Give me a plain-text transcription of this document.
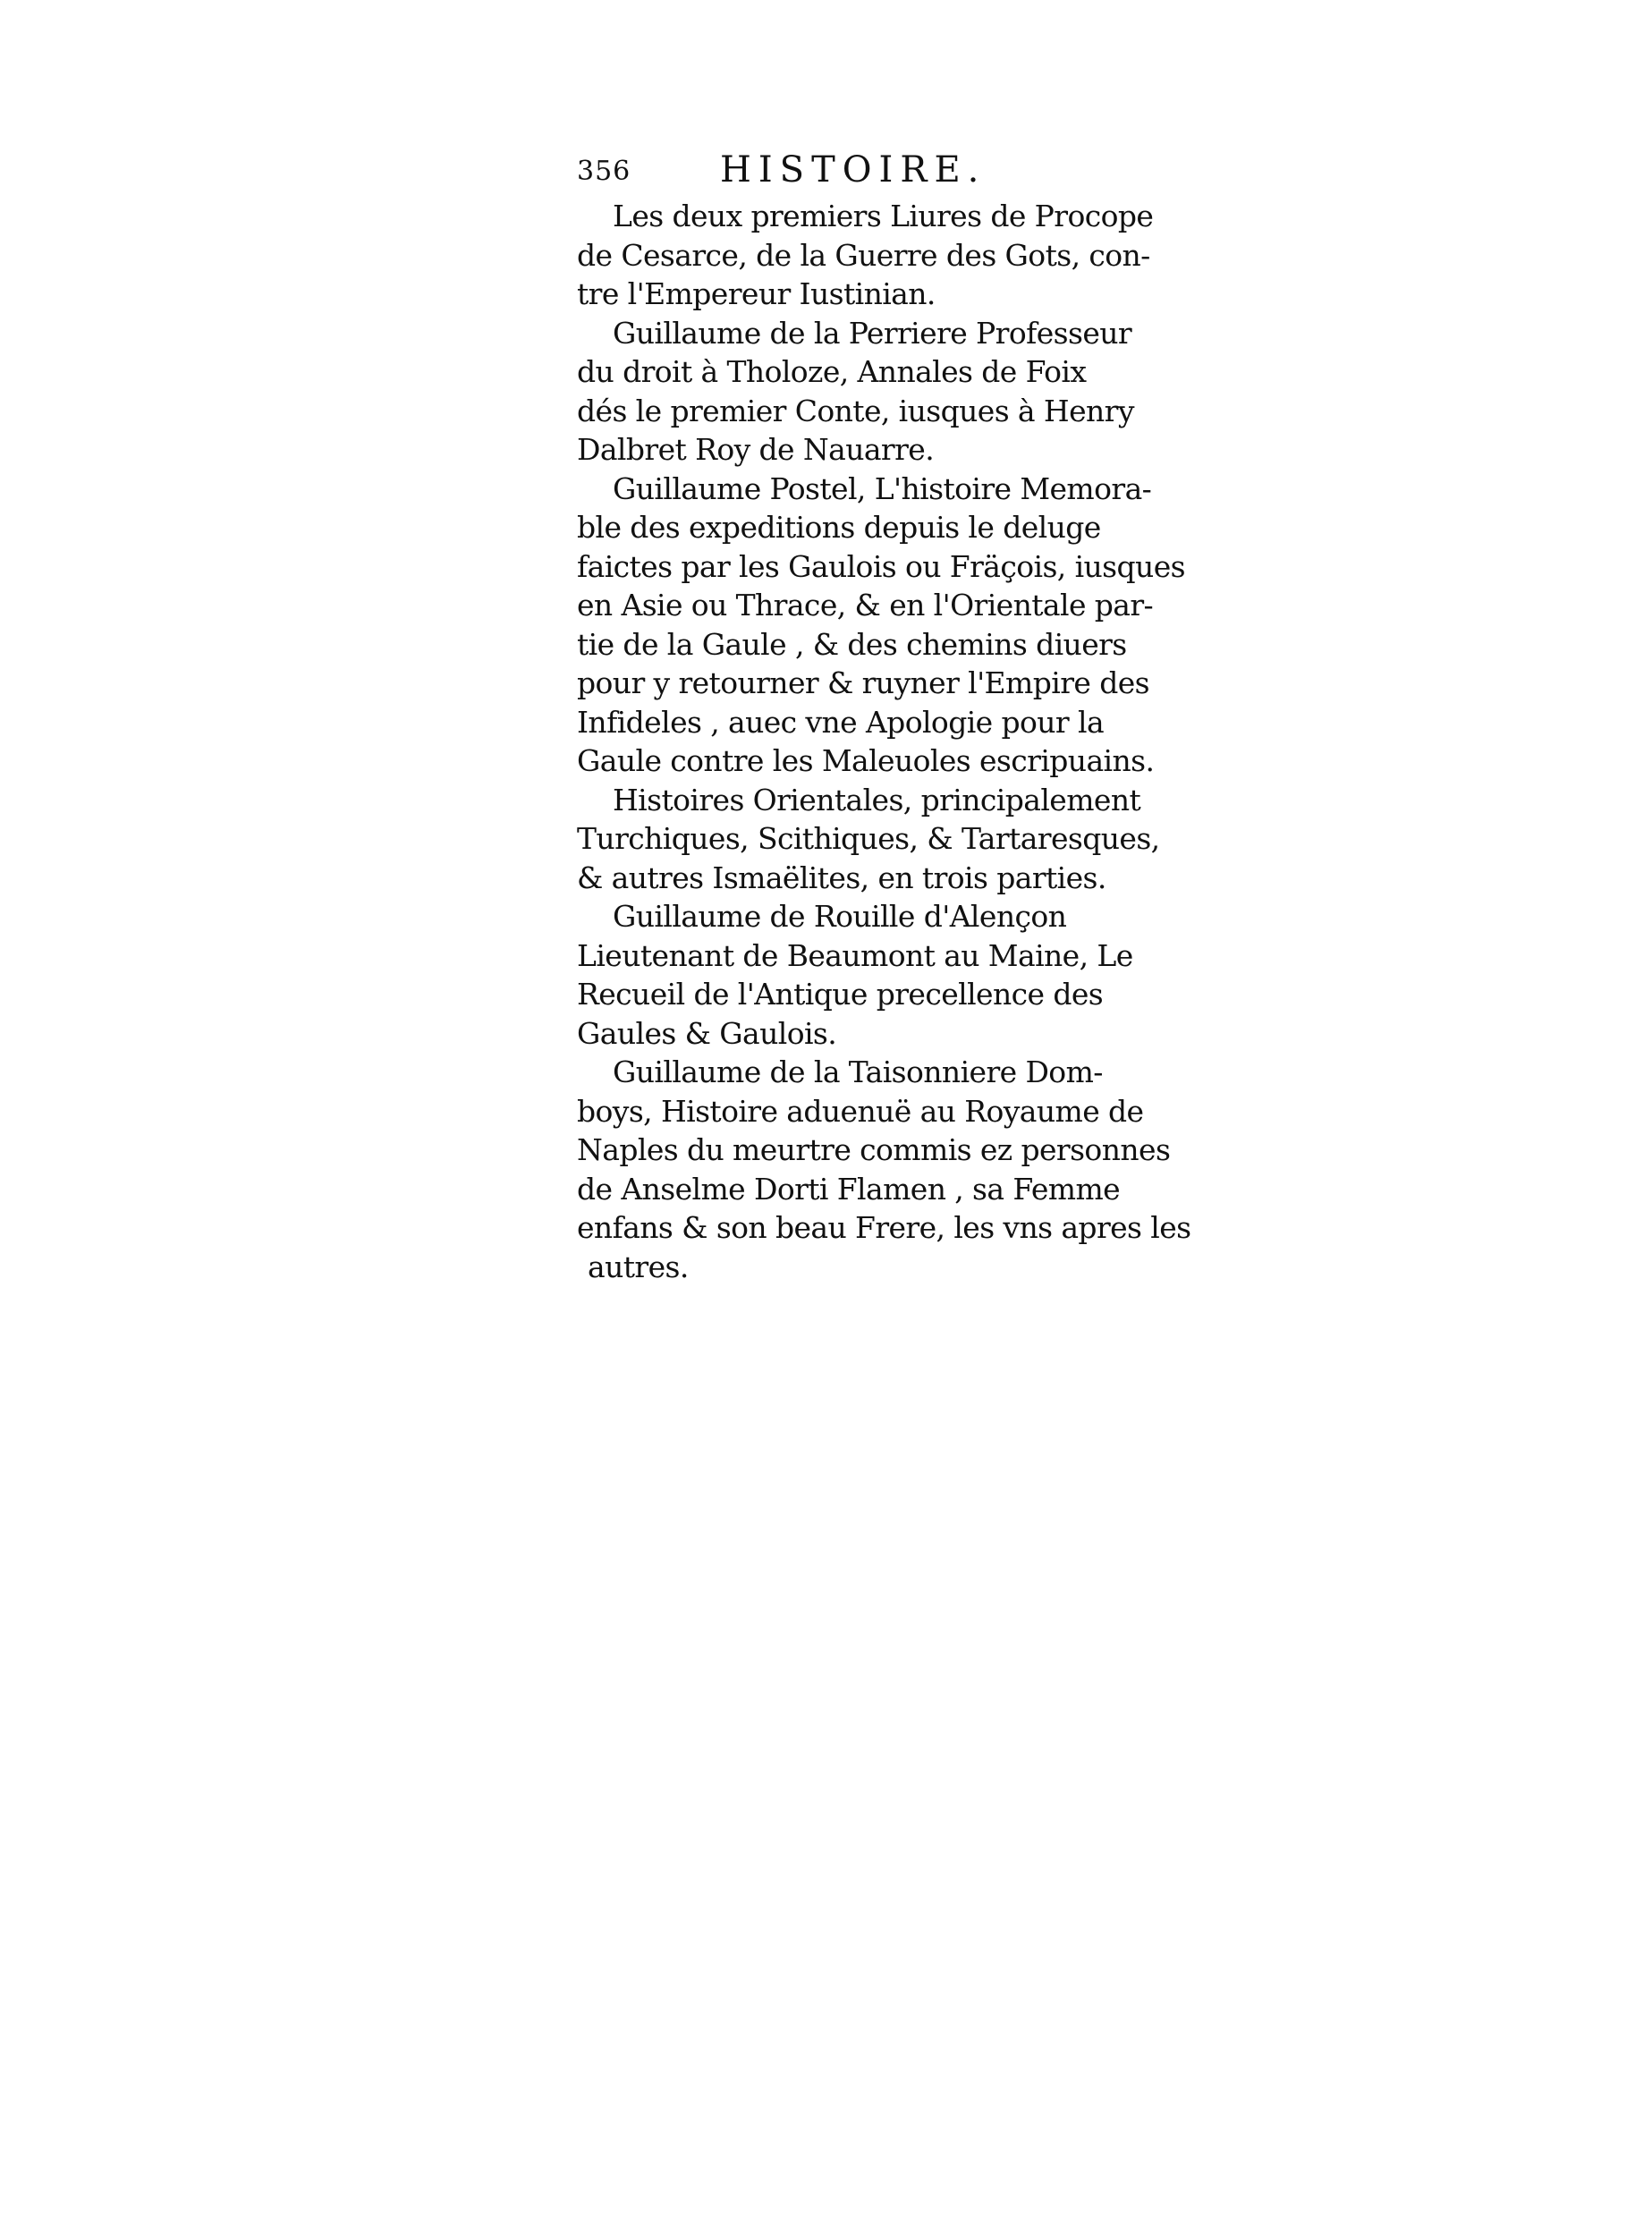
356 HISTOIRE.
Les deux premiers Liures de Procope
de Cesarce, de la Guerre des Gots, con-
tre l'Empereur Iustinian.
Guillaume de la Perriere Professeur
du droit à Tholoze, Annales de Foix
dés le premier Conte, iusques à Henry
Dalbret Roy de Nauarre.
Guillaume Postel, L'histoire Memora-
ble des expeditions depuis le deluge
faictes par les Gaulois ou Fräçois, iusques
en Asie ou Thrace, & en l'Orientale par-
tie de la Gaule , & des chemins diuers
pour y retourner & ruyner l'Empire des
Infideles , auec vne Apologie pour la
Gaule contre les Maleuoles escripuains.
Histoires Orientales, principalement
Turchiques, Scithiques, & Tartaresques,
& autres Ismaëlites, en trois parties.
Guillaume de Rouille d'Alençon
Lieutenant de Beaumont au Maine, Le
Recueil de l'Antique precellence des
Gaules & Gaulois.
Guillaume de la Taisonniere Dom-
boys, Histoire aduenuë au Royaume de
Naples du meurtre commis ez personnes
de Anselme Dorti Flamen , sa Femme
enfans & son beau Frere, les vns apres les
autres.
